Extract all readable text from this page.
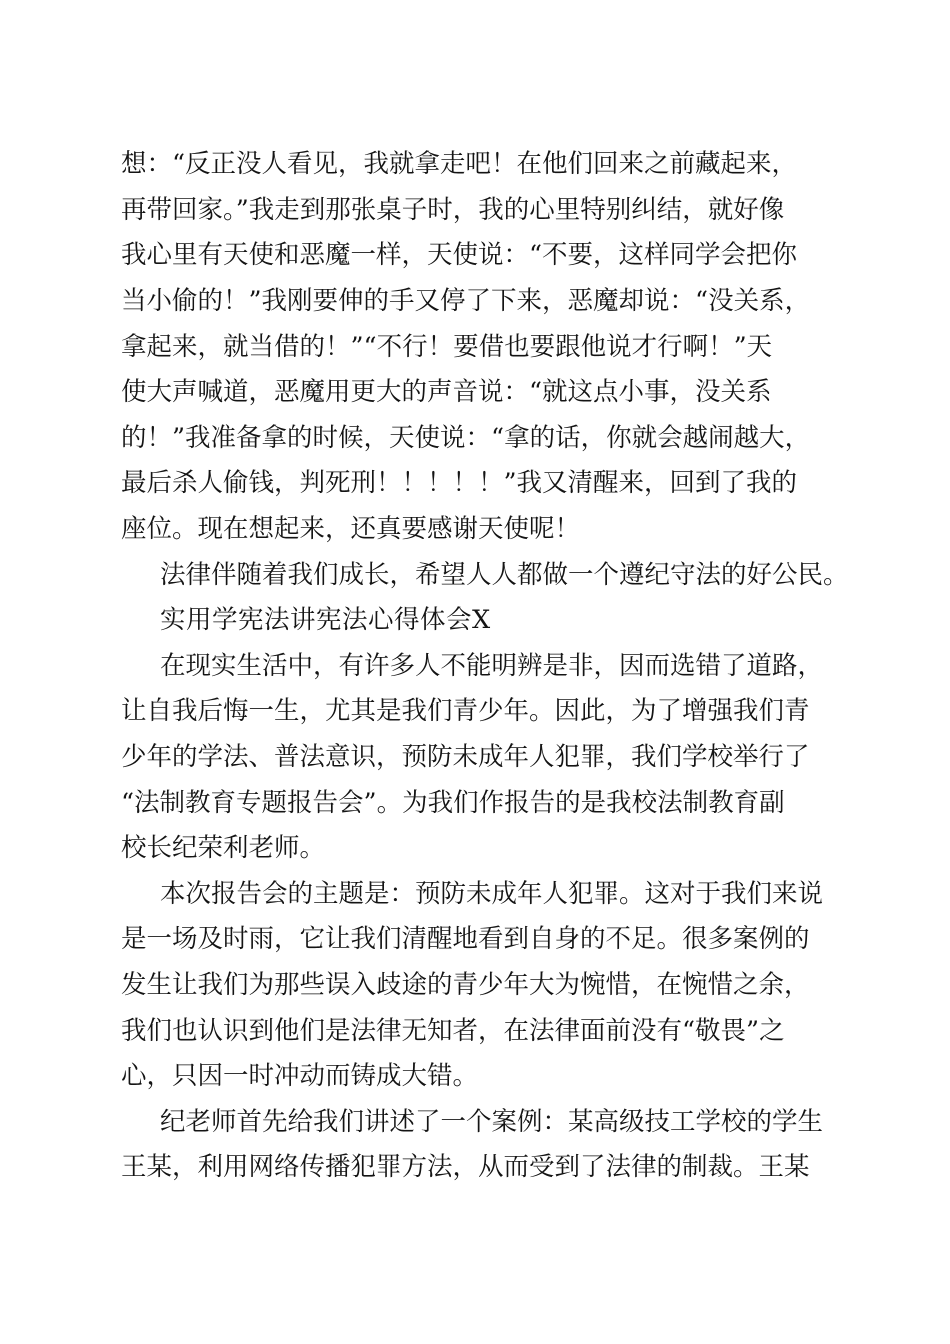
想：“反正没人看见，我就拿走吧！在他们回来之前藏起来，

再带回家。”我走到那张桌子时，我的心里特别纠结，就好像

我心里有天使和恶魔一样，天使说：“不要，这样同学会把你

当小偷的！”我刚要伸的手又停了下来，恶魔却说：“没关系，

拿起来，就当借的！”“不行！要借也要跟他说才行啊！”天

使大声喊道，恶魔用更大的声音说：“就这点小事，没关系

的！”我准备拿的时候，天使说：“拿的话，你就会越闹越大，

最后杀人偷钱，判死刑！！！！！”我又清醒来，回到了我的

座位。现在想起来，还真要感谢天使呢！

法律伴随着我们成长，希望人人都做一个遵纪守法的好公民。

实用学宪法讲宪法心得体会X

在现实生活中，有许多人不能明辨是非，因而选错了道路，

让自我后悔一生，尤其是我们青少年。因此，为了增强我们青

少年的学法、普法意识，预防未成年人犯罪，我们学校举行了

“法制教育专题报告会”。为我们作报告的是我校法制教育副

校长纪荣利老师。

本次报告会的主题是：预防未成年人犯罪。这对于我们来说

是一场及时雨，它让我们清醒地看到自身的不足。很多案例的

发生让我们为那些误入歧途的青少年大为惋惜，在惋惜之余，

我们也认识到他们是法律无知者，在法律面前没有“敬畏”之

心，只因一时冲动而铸成大错。

纪老师首先给我们讲述了一个案例：某高级技工学校的学生

王某，利用网络传播犯罪方法，从而受到了法律的制裁。王某
